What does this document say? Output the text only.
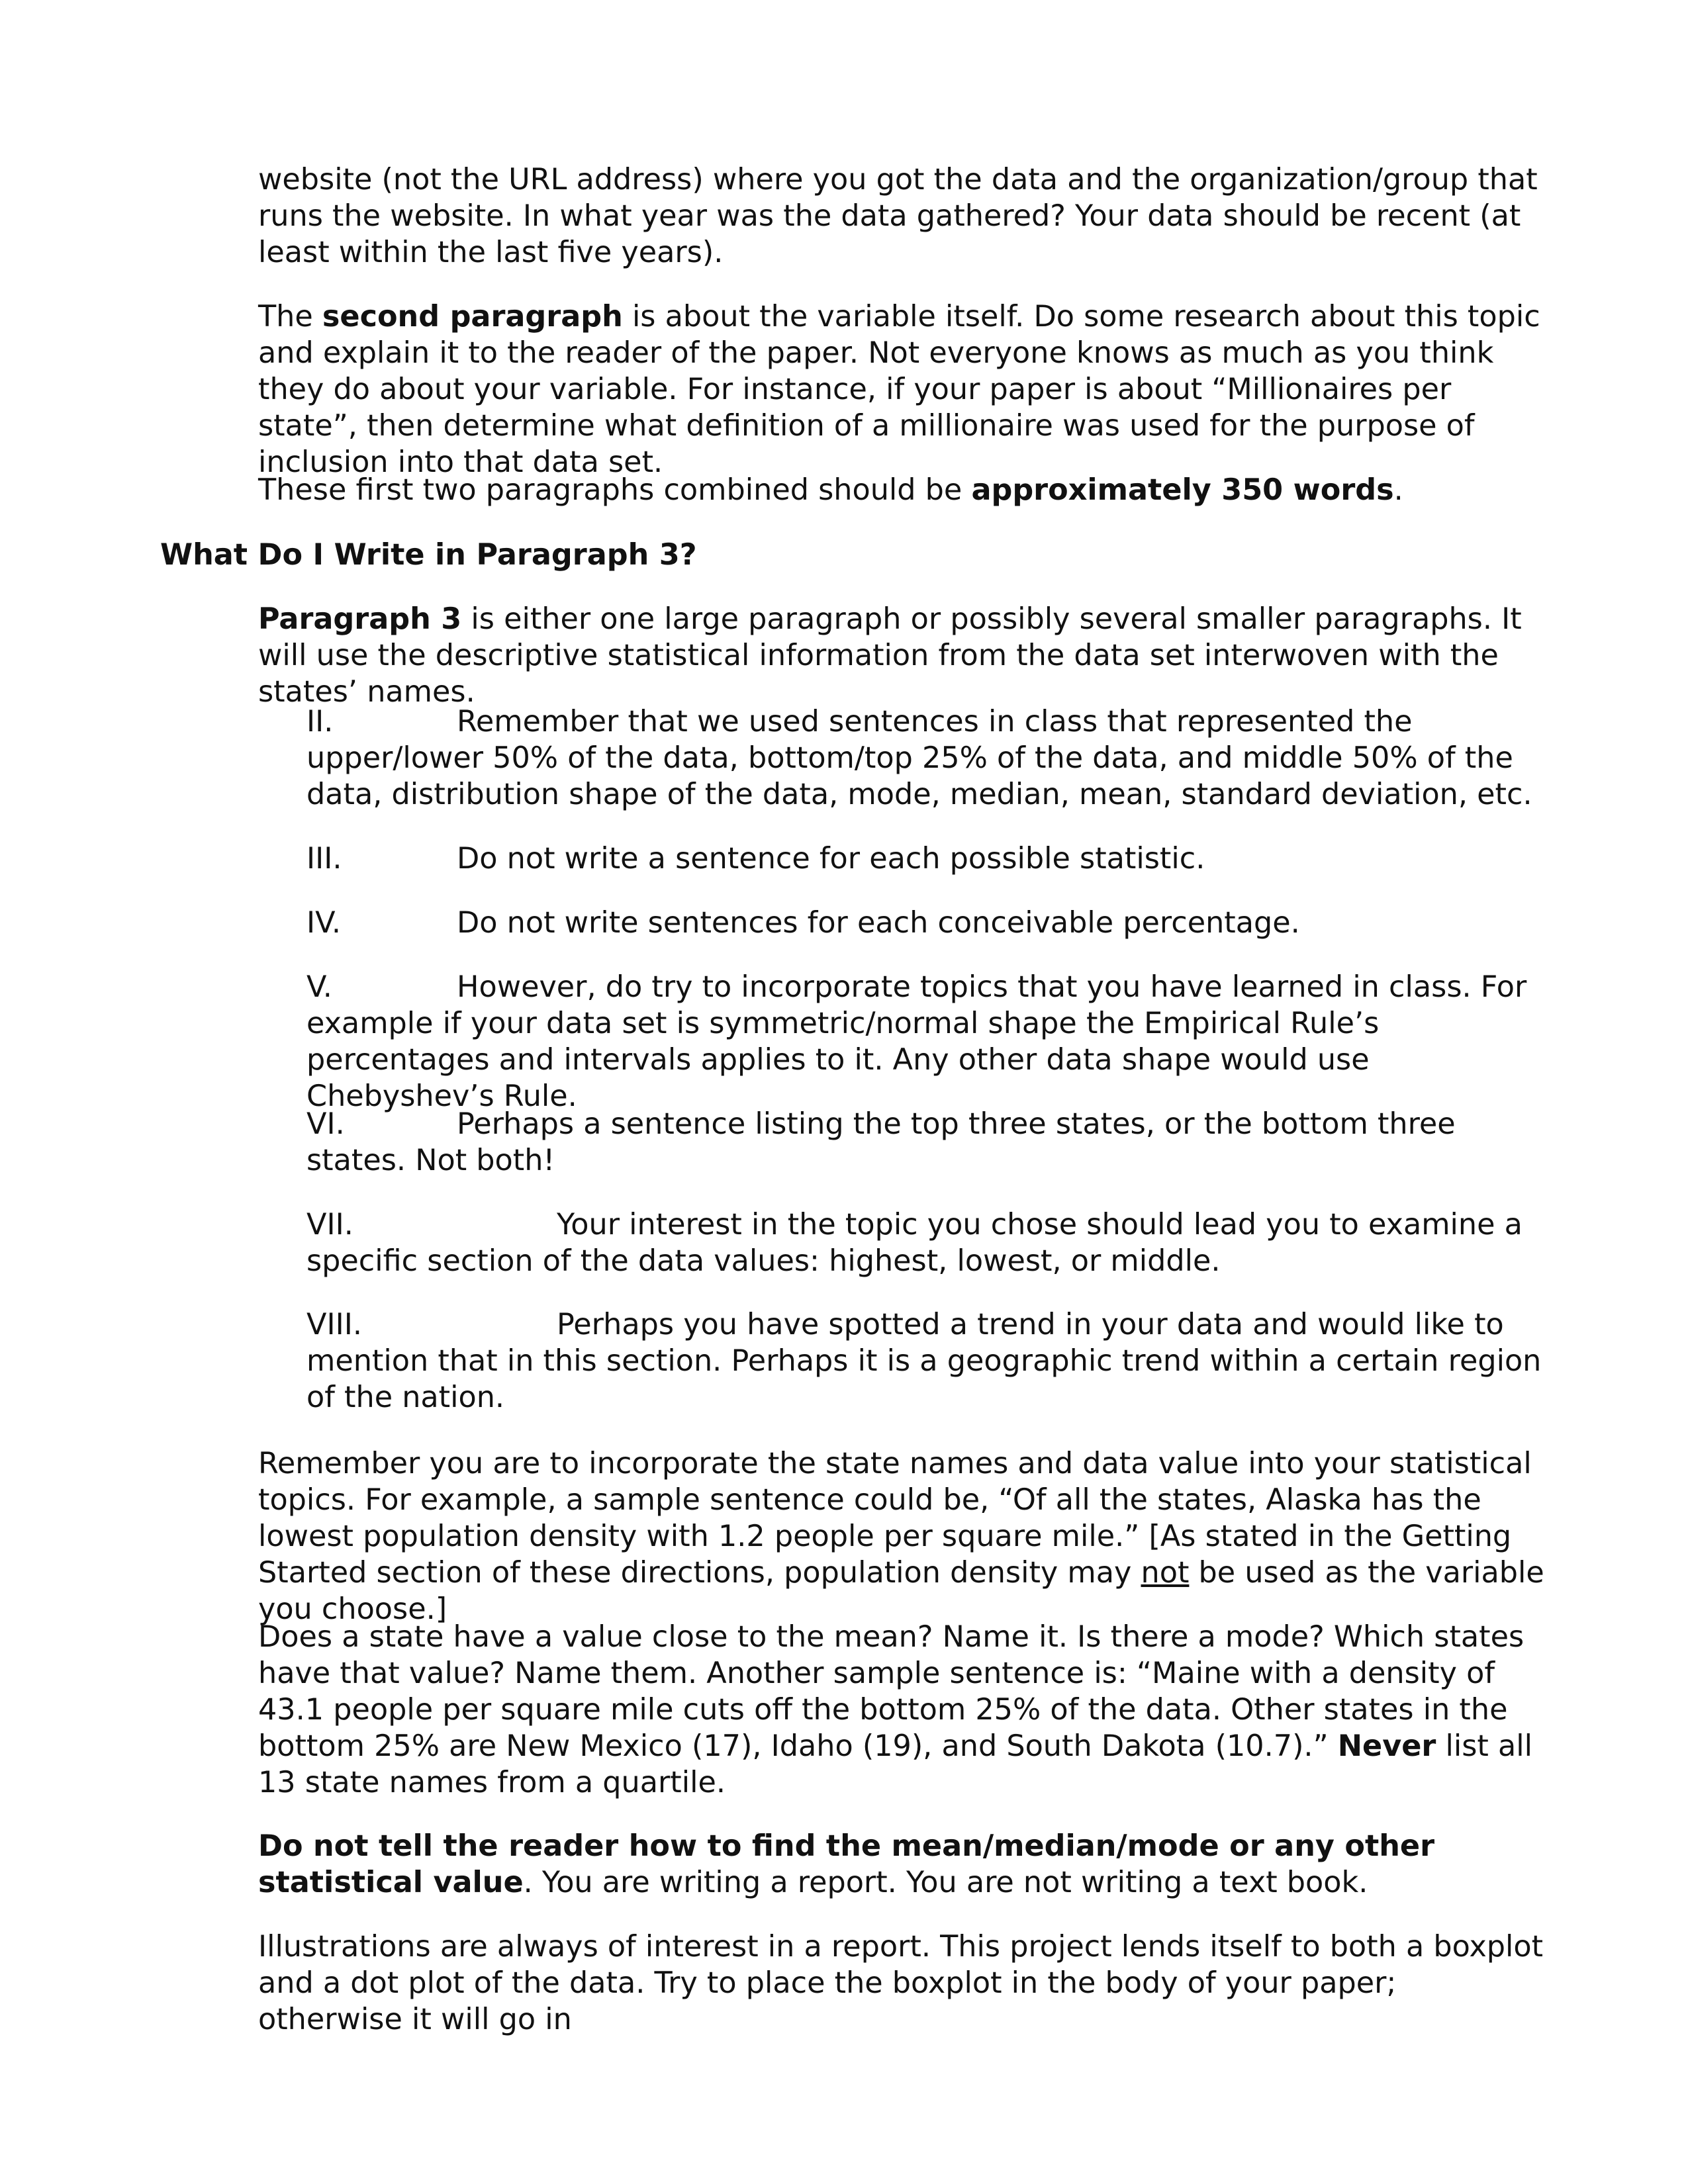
website (not the URL address) where you got the data and the organization/group that runs the website. In what year was the data gathered? Your data should be recent (at least within the last five years).

The second paragraph is about the variable itself. Do some research about this topic and explain it to the reader of the paper. Not everyone knows as much as you think they do about your variable. For instance, if your paper is about “Millionaires per state”, then determine what definition of a millionaire was used for the purpose of inclusion into that data set.

These first two paragraphs combined should be approximately 350 words.

What Do I Write in Paragraph 3?

Paragraph 3 is either one large paragraph or possibly several smaller paragraphs. It will use the descriptive statistical information from the data set interwoven with the states’ names.

II.	Remember that we used sentences in class that represented the upper/lower 50% of the data, bottom/top 25% of the data, and middle 50% of the data, distribution shape of the data, mode, median, mean, standard deviation, etc.

III.	Do not write a sentence for each possible statistic.

IV.	Do not write sentences for each conceivable percentage.

V.	However, do try to incorporate topics that you have learned in class. For example if your data set is symmetric/normal shape the Empirical Rule’s percentages and intervals applies to it. Any other data shape would use Chebyshev’s Rule.

VI.	Perhaps a sentence listing the top three states, or the bottom three states. Not both!

VII.	Your interest in the topic you chose should lead you to examine a specific section of the data values: highest, lowest, or middle.

VIII.	Perhaps you have spotted a trend in your data and would like to mention that in this section. Perhaps it is a geographic trend within a certain region of the nation.

Remember you are to incorporate the state names and data value into your statistical topics. For example, a sample sentence could be, “Of all the states, Alaska has the lowest population density with 1.2 people per square mile.” [As stated in the Getting Started section of these directions, population density may not be used as the variable you choose.]

Does a state have a value close to the mean? Name it. Is there a mode? Which states have that value? Name them. Another sample sentence is: “Maine with a density of 43.1 people per square mile cuts off the bottom 25% of the data. Other states in the bottom 25% are New Mexico (17), Idaho (19), and South Dakota (10.7).” Never list all 13 state names from a quartile.

Do not tell the reader how to find the mean/median/mode or any other statistical value. You are writing a report. You are not writing a text book.

Illustrations are always of interest in a report. This project lends itself to both a boxplot and a dot plot of the data. Try to place the boxplot in the body of your paper; otherwise it will go in
